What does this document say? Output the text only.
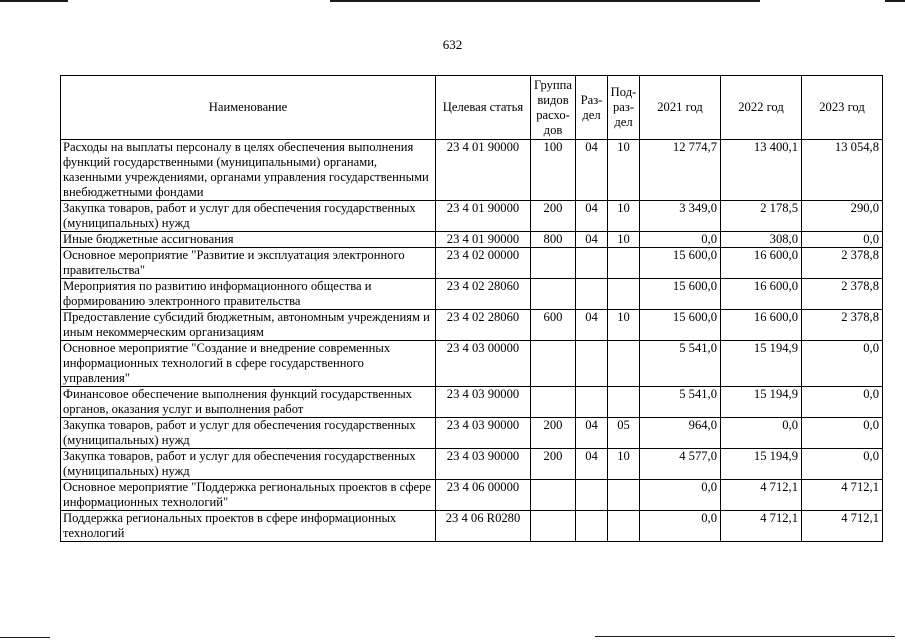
632
Наименование	Целевая статья	Группа видов расхо-дов	Раз-дел	Под-раз-дел	2021 год	2022 год	2023 год
Расходы на выплаты персоналу в целях обеспечения выполнения функций государственными (муниципальными) органами, казенными учреждениями, органами управления государственными внебюджетными фондами	23 4 01 90000	100	04	10	12 774,7	13 400,1	13 054,8
Закупка товаров, работ и услуг для обеспечения государственных (муниципальных) нужд	23 4 01 90000	200	04	10	3 349,0	2 178,5	290,0
Иные бюджетные ассигнования	23 4 01 90000	800	04	10	0,0	308,0	0,0
Основное мероприятие "Развитие и эксплуатация электронного правительства"	23 4 02 00000				15 600,0	16 600,0	2 378,8
Мероприятия по развитию информационного общества и формированию электронного правительства	23 4 02 28060				15 600,0	16 600,0	2 378,8
Предоставление субсидий бюджетным, автономным учреждениям и иным некоммерческим организациям	23 4 02 28060	600	04	10	15 600,0	16 600,0	2 378,8
Основное мероприятие "Создание и внедрение современных информационных технологий в сфере государственного управления"	23 4 03 00000				5 541,0	15 194,9	0,0
Финансовое обеспечение выполнения функций государственных органов, оказания услуг и выполнения работ	23 4 03 90000				5 541,0	15 194,9	0,0
Закупка товаров, работ и услуг для обеспечения государственных (муниципальных) нужд	23 4 03 90000	200	04	05	964,0	0,0	0,0
Закупка товаров, работ и услуг для обеспечения государственных (муниципальных) нужд	23 4 03 90000	200	04	10	4 577,0	15 194,9	0,0
Основное мероприятие "Поддержка региональных проектов в сфере информационных технологий"	23 4 06 00000				0,0	4 712,1	4 712,1
Поддержка региональных проектов в сфере информационных технологий	23 4 06 R0280				0,0	4 712,1	4 712,1
